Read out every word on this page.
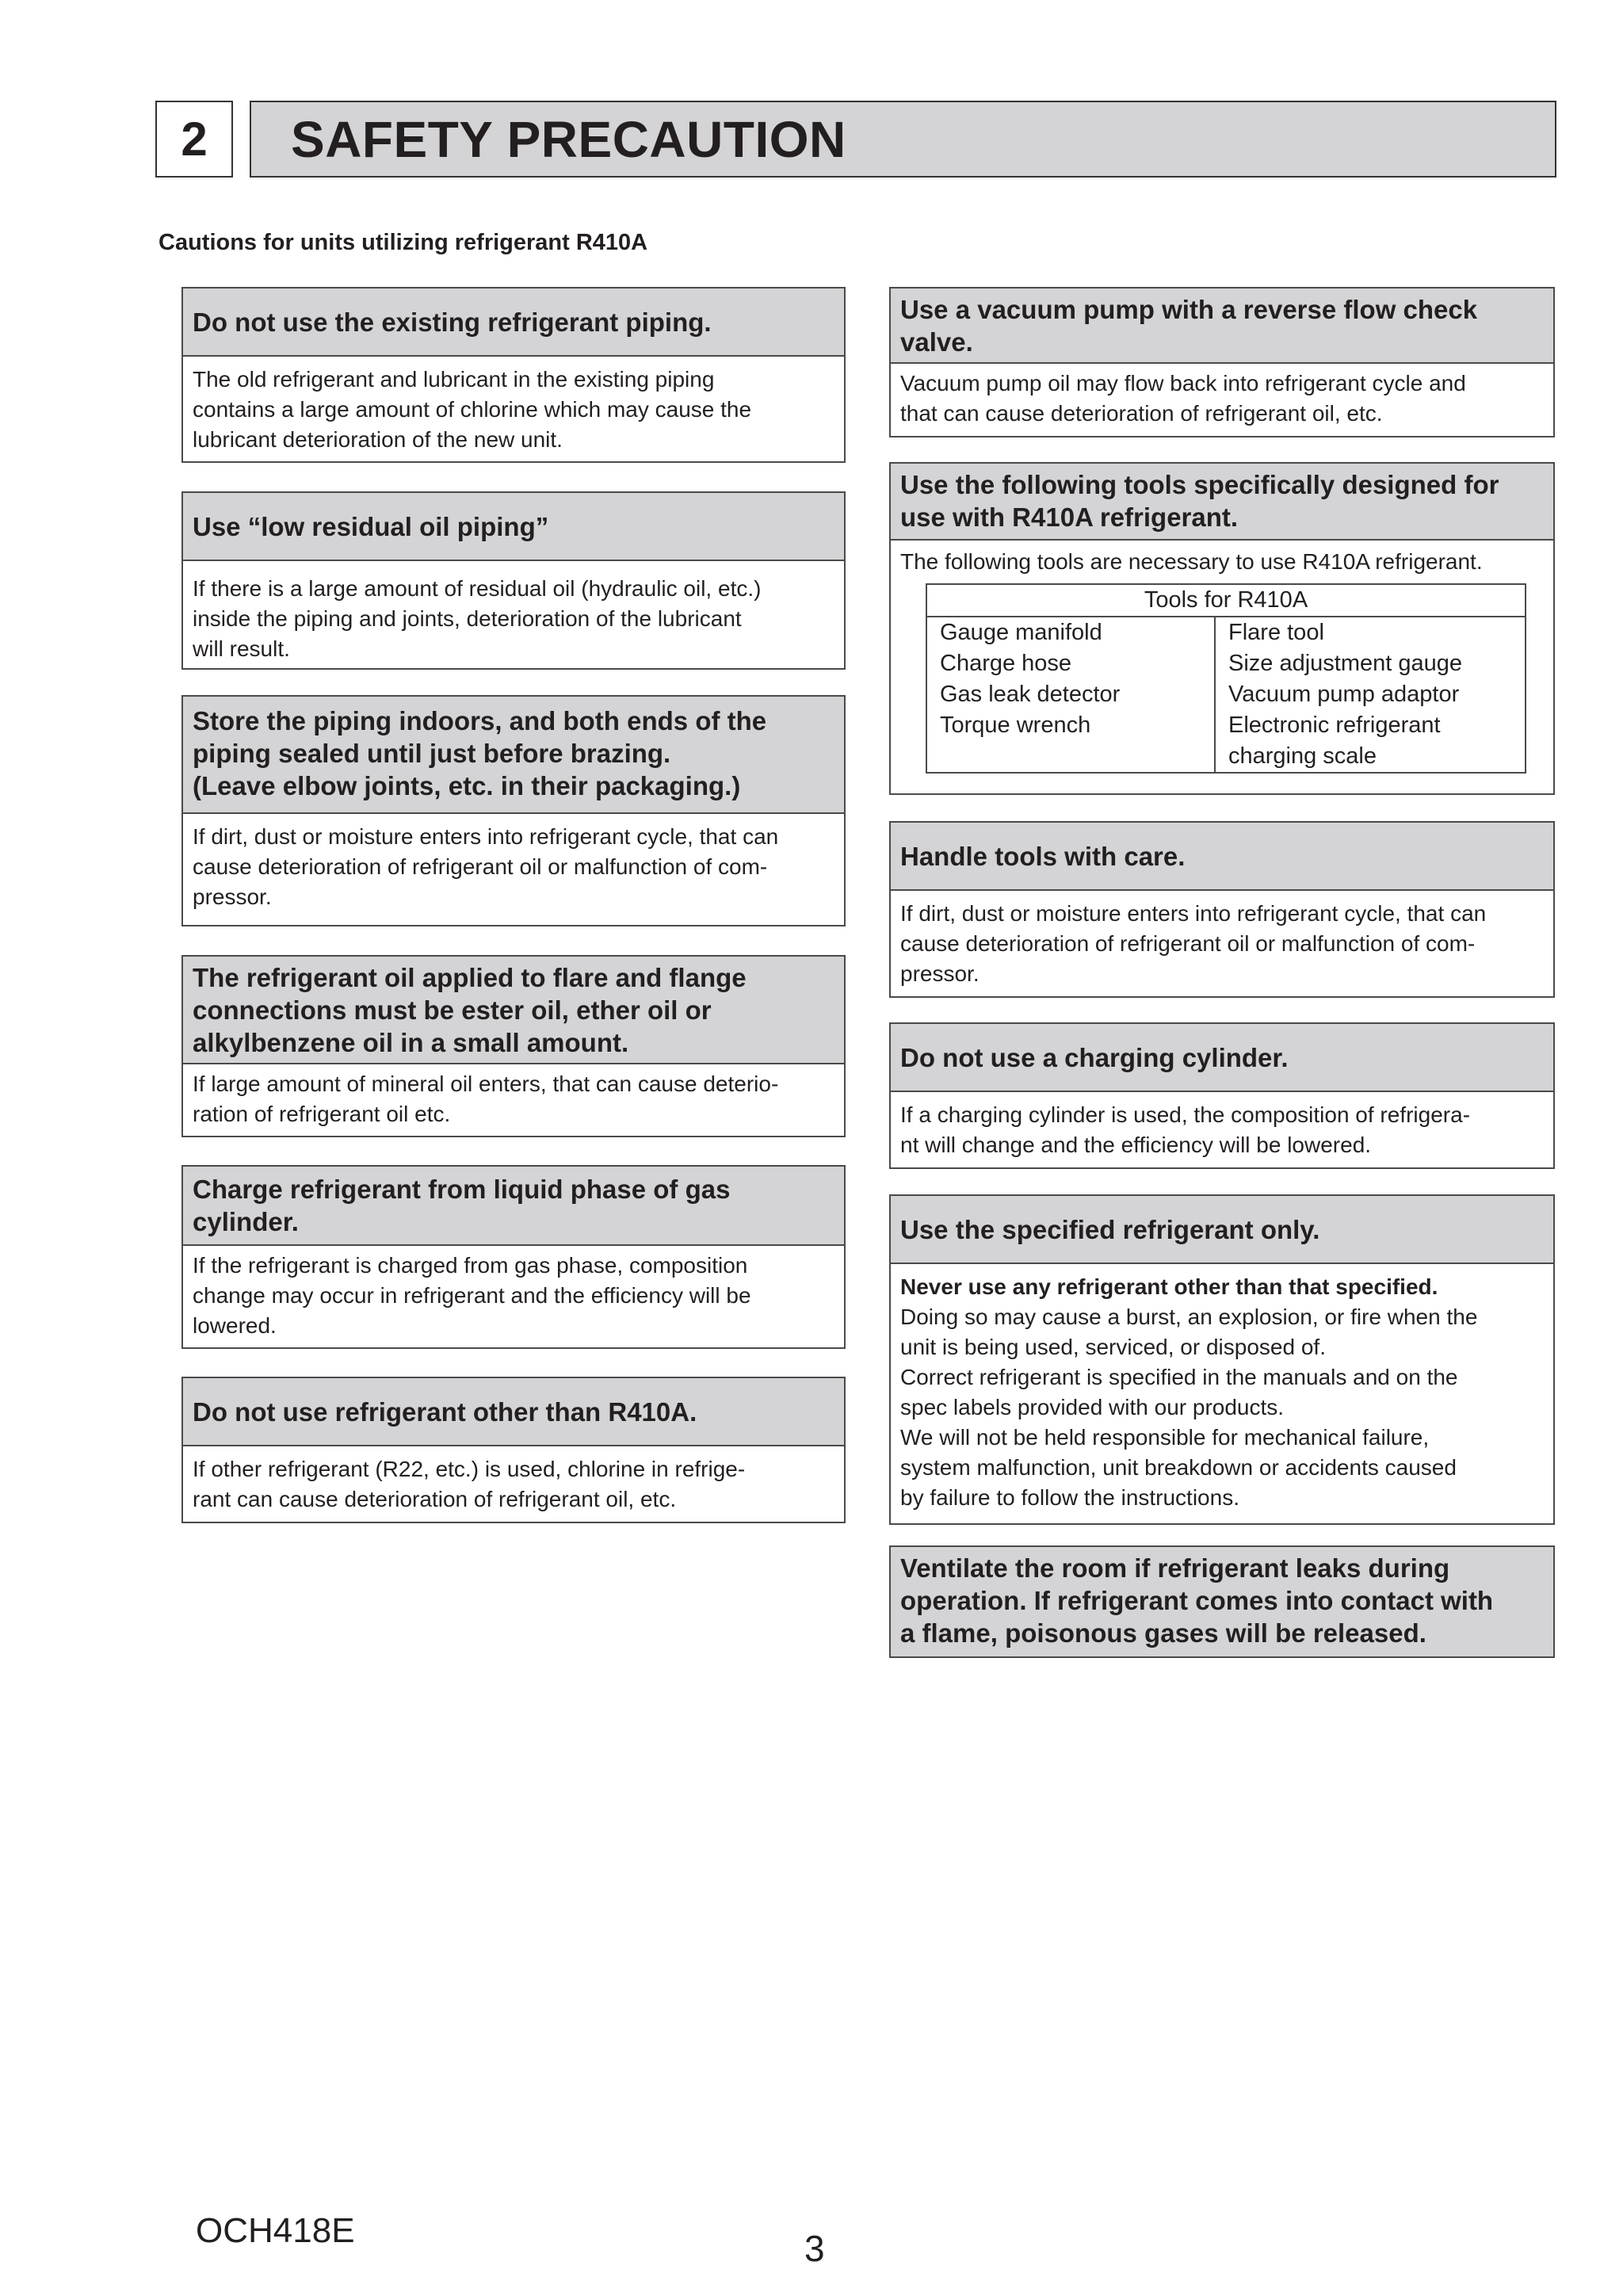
2	SAFETY PRECAUTION
Cautions for units utilizing refrigerant R410A
Do not use the existing refrigerant piping.
The old refrigerant and lubricant in the existing piping
contains a large amount of chlorine which may cause the
lubricant deterioration of the new unit.
Use “low residual oil piping”
If there is a large amount of residual oil (hydraulic oil, etc.)
inside the piping and joints, deterioration of the lubricant
will result.
Store the piping indoors, and both ends of the
piping sealed until just before brazing.
(Leave elbow joints, etc. in their packaging.)
If dirt, dust or moisture enters into refrigerant cycle, that can
cause deterioration of refrigerant oil or malfunction of com-
pressor.
The refrigerant oil applied to flare and flange
connections must be ester oil, ether oil or
alkylbenzene oil in a small amount.
If large amount of mineral oil enters, that can cause deterio-
ration of refrigerant oil etc.
Charge refrigerant from liquid phase of gas
cylinder.
If the refrigerant is charged from gas phase, composition
change may occur in refrigerant and the efficiency will be
lowered.
Do not use refrigerant other than R410A.
If other refrigerant (R22, etc.) is used, chlorine in refrige-
rant can cause deterioration of refrigerant oil, etc.
Use a vacuum pump with a reverse flow check
valve.
Vacuum pump oil may flow back into refrigerant cycle and
that can cause deterioration of refrigerant oil, etc.
Use the following tools specifically designed for
use with R410A refrigerant.
The following tools are necessary to use R410A refrigerant.
Tools for R410A	
Gauge manifold	Flare tool
Charge hose	Size adjustment gauge
Gas leak detector	Vacuum pump adaptor
Torque wrench	Electronic refrigerant
	charging scale
Handle tools with care.
If dirt, dust or moisture enters into refrigerant cycle, that can
cause deterioration of refrigerant oil or malfunction of com-
pressor.
Do not use a charging cylinder.
If a charging cylinder is used, the composition of refrigera-
nt will change and the efficiency will be lowered.
Use the specified refrigerant only.
Never use any refrigerant other than that specified.
Doing so may cause a burst, an explosion, or fire when the
unit is being used, serviced, or disposed of.
Correct refrigerant is specified in the manuals and on the
spec labels provided with our products.
We will not be held responsible for mechanical failure,
system malfunction, unit breakdown or accidents caused
by failure to follow the instructions.
Ventilate the room if refrigerant leaks during
operation. If refrigerant comes into contact with
a flame, poisonous gases will be released.
OCH418E	3
